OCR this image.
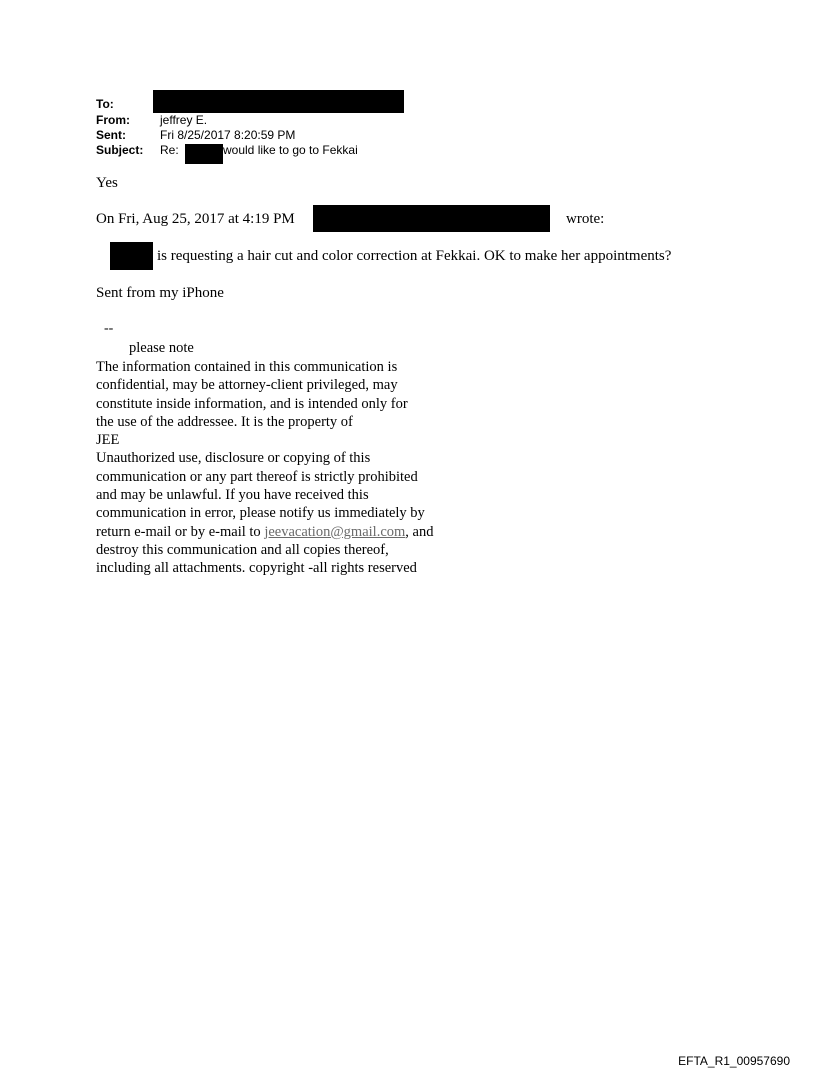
To:
From:	jeffrey E.
Sent:	Fri 8/25/2017 8:20:59 PM
Subject: Re:	would like to go to Fekkai
Yes
On Fri, Aug 25, 2017 at 4:19 PM	wrote:
is requesting a hair cut and color correction at Fekkai. OK to make her appointments?
Sent from my iPhone
--
please note
The information contained in this communication is
confidential, may be attorney-client privileged, may
constitute inside information, and is intended only for
the use of the addressee. It is the property of
JEE
Unauthorized use, disclosure or copying of this
communication or any part thereof is strictly prohibited
and may be unlawful. If you have received this
communication in error, please notify us immediately by
return e-mail or by e-mail to jeevacation@gmail.com, and
destroy this communication and all copies thereof,
including all attachments. copyright -all rights reserved
EFTA_R1_00957690
